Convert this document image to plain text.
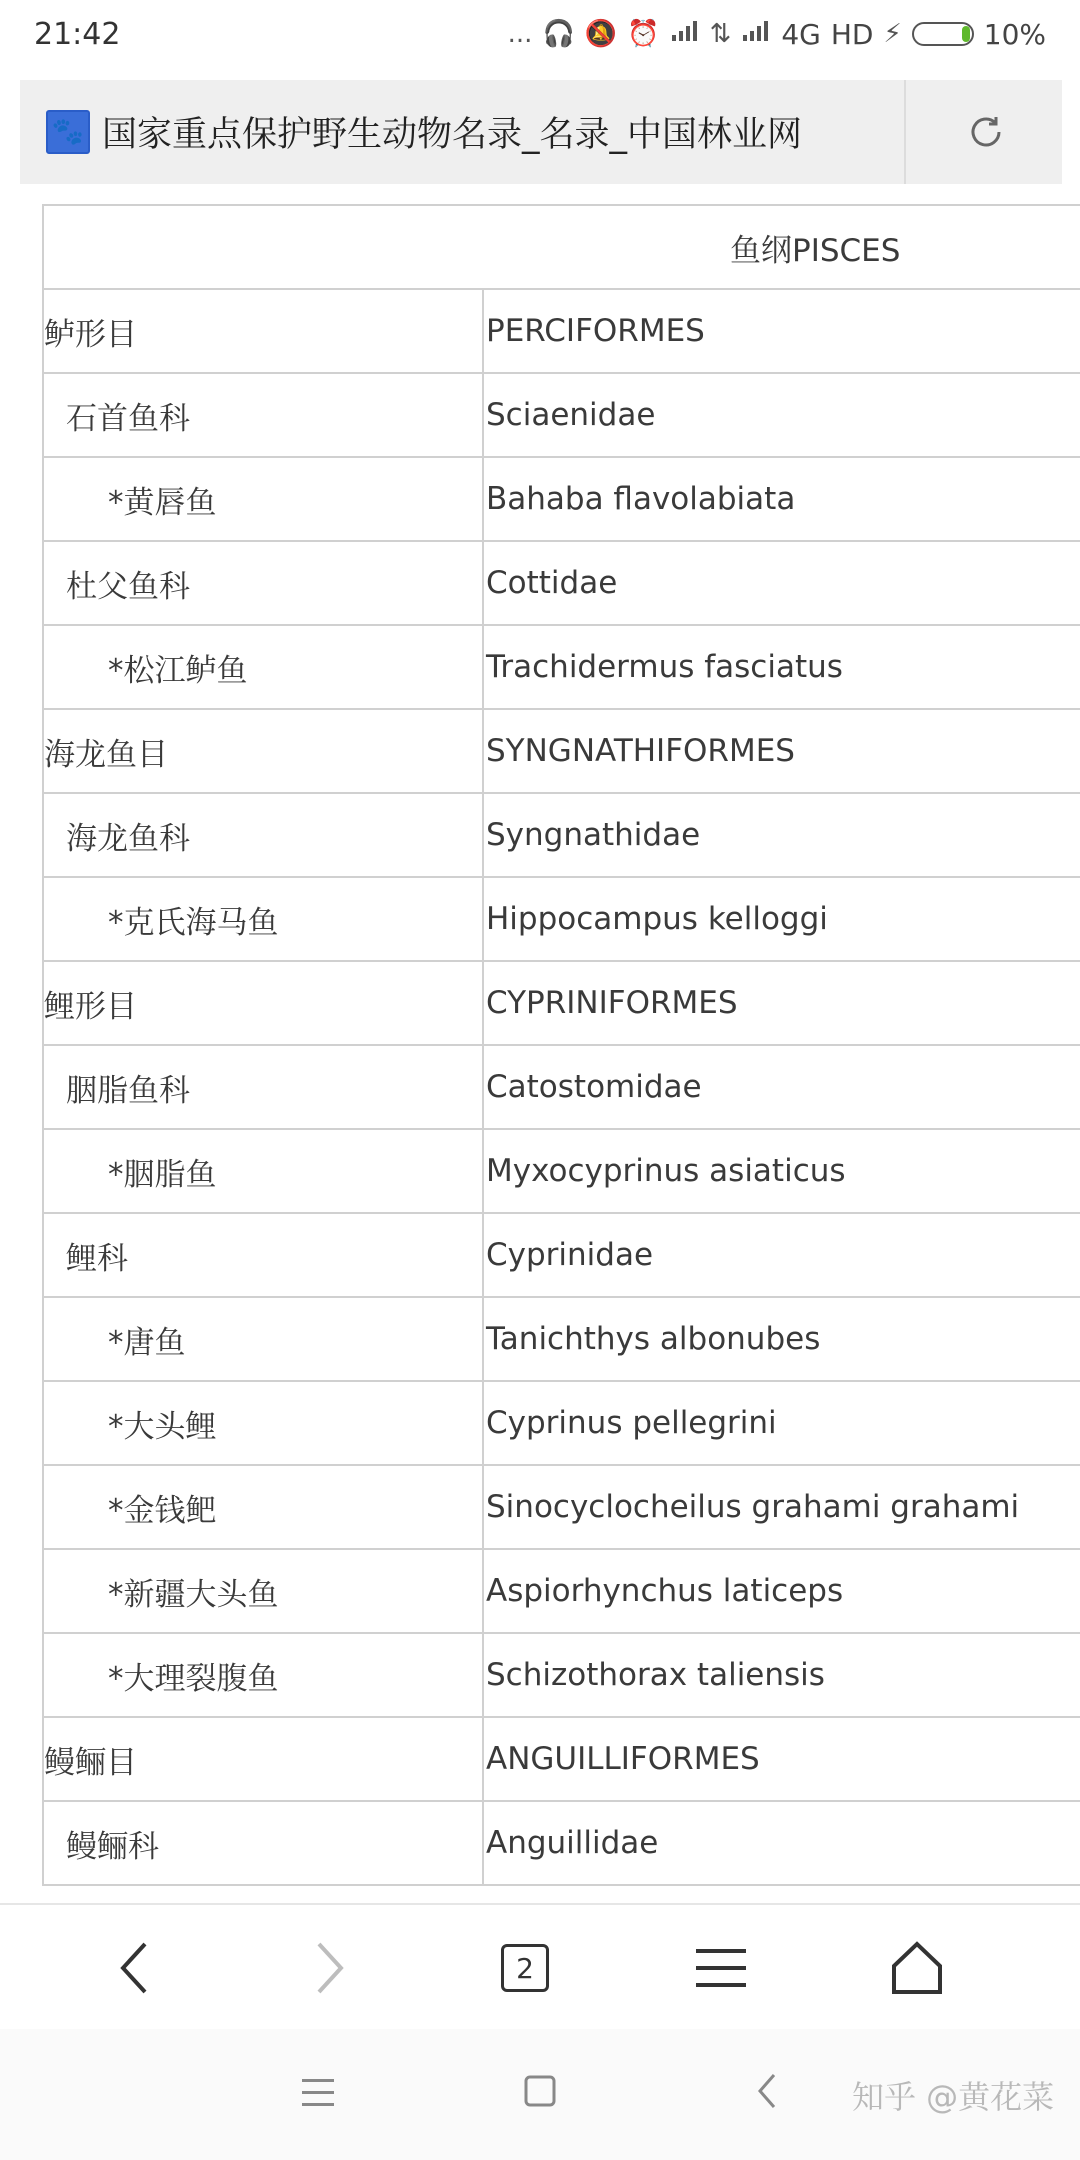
21:42	... 🎧 🔕 ⏰ ⇅ 4G HD ⚡	10%
🐾 国家重点保护野生动物名录_名录_中国林业网
鱼纲PISCES	
鲈形目	PERCIFORMES
石首鱼科	Sciaenidae
*黄唇鱼	Bahaba flavolabiata
杜父鱼科	Cottidae
*松江鲈鱼	Trachidermus fasciatus
海龙鱼目	SYNGNATHIFORMES
海龙鱼科	Syngnathidae
*克氏海马鱼	Hippocampus kelloggi
鲤形目	CYPRINIFORMES
胭脂鱼科	Catostomidae
*胭脂鱼	Myxocyprinus asiaticus
鲤科	Cyprinidae
*唐鱼	Tanichthys albonubes
*大头鲤	Cyprinus pellegrini
*金钱鲃	Sinocyclocheilus grahami grahami
*新疆大头鱼	Aspiorhynchus laticeps
*大理裂腹鱼	Schizothorax taliensis
鳗鲡目	ANGUILLIFORMES
鳗鲡科	Anguillidae
2
知乎 @黄花菜
